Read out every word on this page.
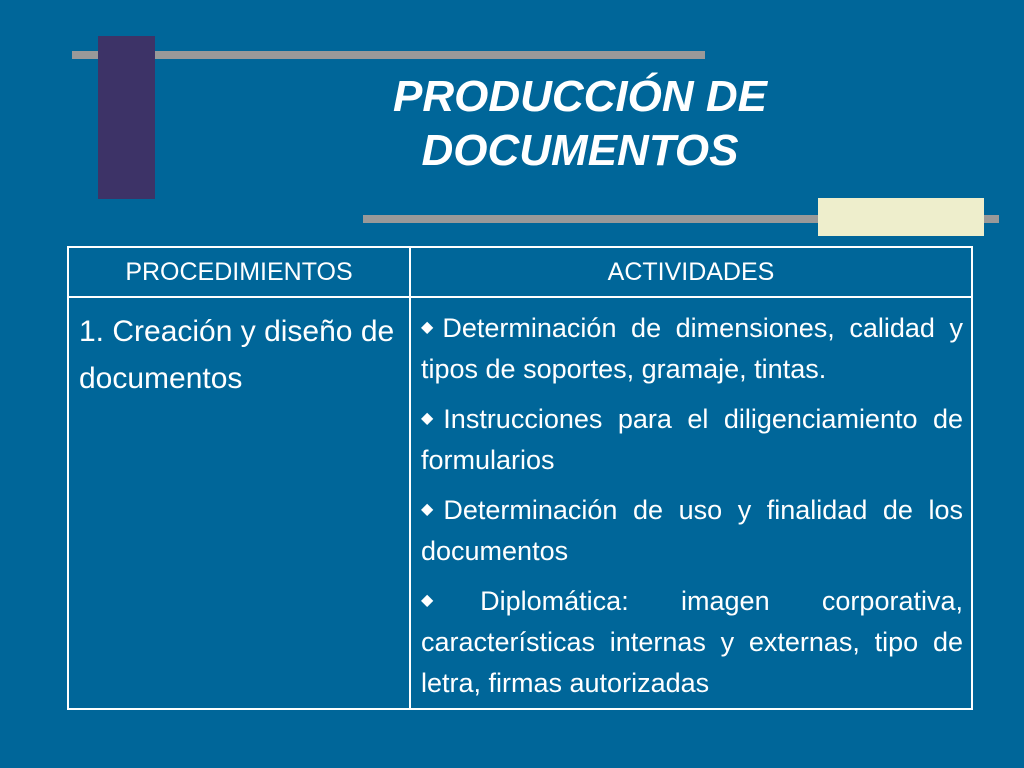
PRODUCCIÓN DE
DOCUMENTOS
PROCEDIMIENTOS	ACTIVIDADES
1. Creación y diseño de documentos	◆Determinación de dimensiones, calidad y tipos de soportes, gramaje, tintas.

◆Instrucciones para el diligenciamiento de formularios

◆Determinación de uso y finalidad de los documentos

◆Diplomática: imagen corporativa, características internas y externas, tipo de letra, firmas autorizadas
